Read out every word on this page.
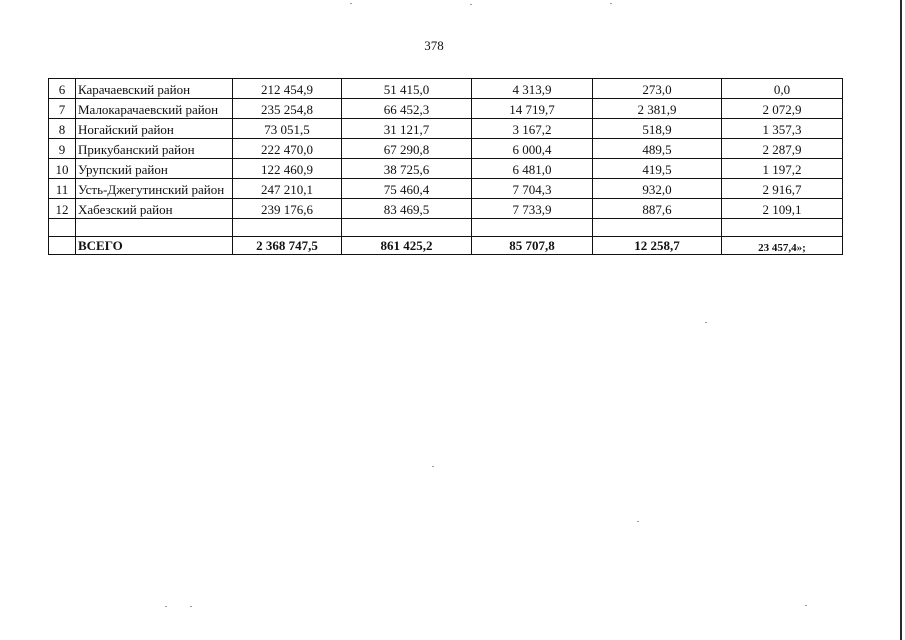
378
6	Карачаевский район	212 454,9	51 415,0	4 313,9	273,0	0,0
7	Малокарачаевский район	235 254,8	66 452,3	14 719,7	2 381,9	2 072,9
8	Ногайский район	73 051,5	31 121,7	3 167,2	518,9	1 357,3
9	Прикубанский район	222 470,0	67 290,8	6 000,4	489,5	2 287,9
10	Урупский район	122 460,9	38 725,6	6 481,0	419,5	1 197,2
11	Усть-Джегутинский район	247 210,1	75 460,4	7 704,3	932,0	2 916,7
12	Хабезский район	239 176,6	83 469,5	7 733,9	887,6	2 109,1

	ВСЕГО	2 368 747,5	861 425,2	85 707,8	12 258,7	23 457,4»;
